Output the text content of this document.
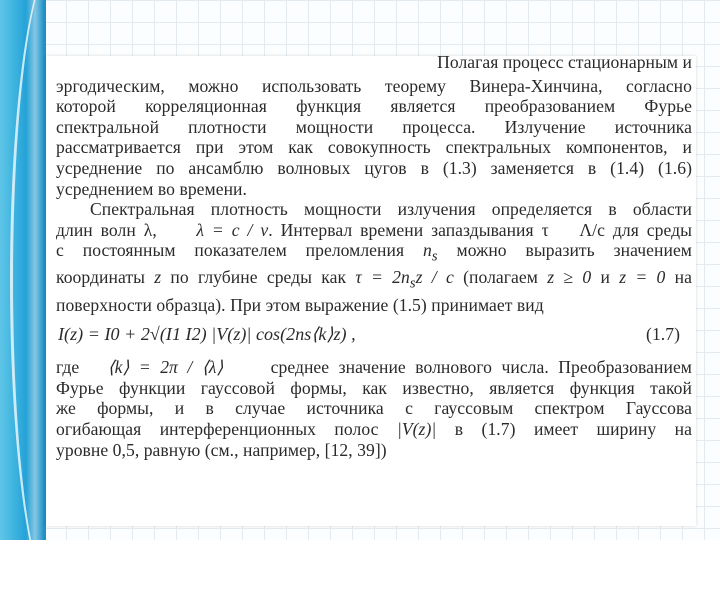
Полагая процесс стационарным и

эргодическим, можно использовать теорему Винера-Хинчина, согласно

которой корреляционная функция является преобразованием Фурье

спектральной плотности мощности процесса. Излучение источника

рассматривается при этом как совокупность спектральных компонентов, и

усреднение по ансамблю волновых цугов в (1.3) заменяется в (1.4) (1.6)

усреднением во времени.

Спектральная плотность мощности излучения определяется в области

длин волн λ, λ = c / ν. Интервал времени запаздывания τ Λ/c для среды

с постоянным показателем преломления $n_s$ можно выразить значением

координаты z по глубине среды как $\tau = 2n_sz / c$ (полагаем z ≥ 0 и z = 0 на

поверхности образца). При этом выражение (1.5) принимает вид

I(z) = I0 + 2√(I1 I2) |V(z)| cos(2ns⟨k⟩z) ,	(1.7)

где ⟨k⟩ = 2π / ⟨λ⟩	среднее значение волнового числа. Преобразованием

Фурье функции гауссовой формы, как известно, является функция такой

же формы, и в случае источника с гауссовым спектром Гауссова

огибающая интерференционных полос |V(z)| в (1.7) имеет ширину на

уровне 0,5, равную (см., например, [12, 39])
